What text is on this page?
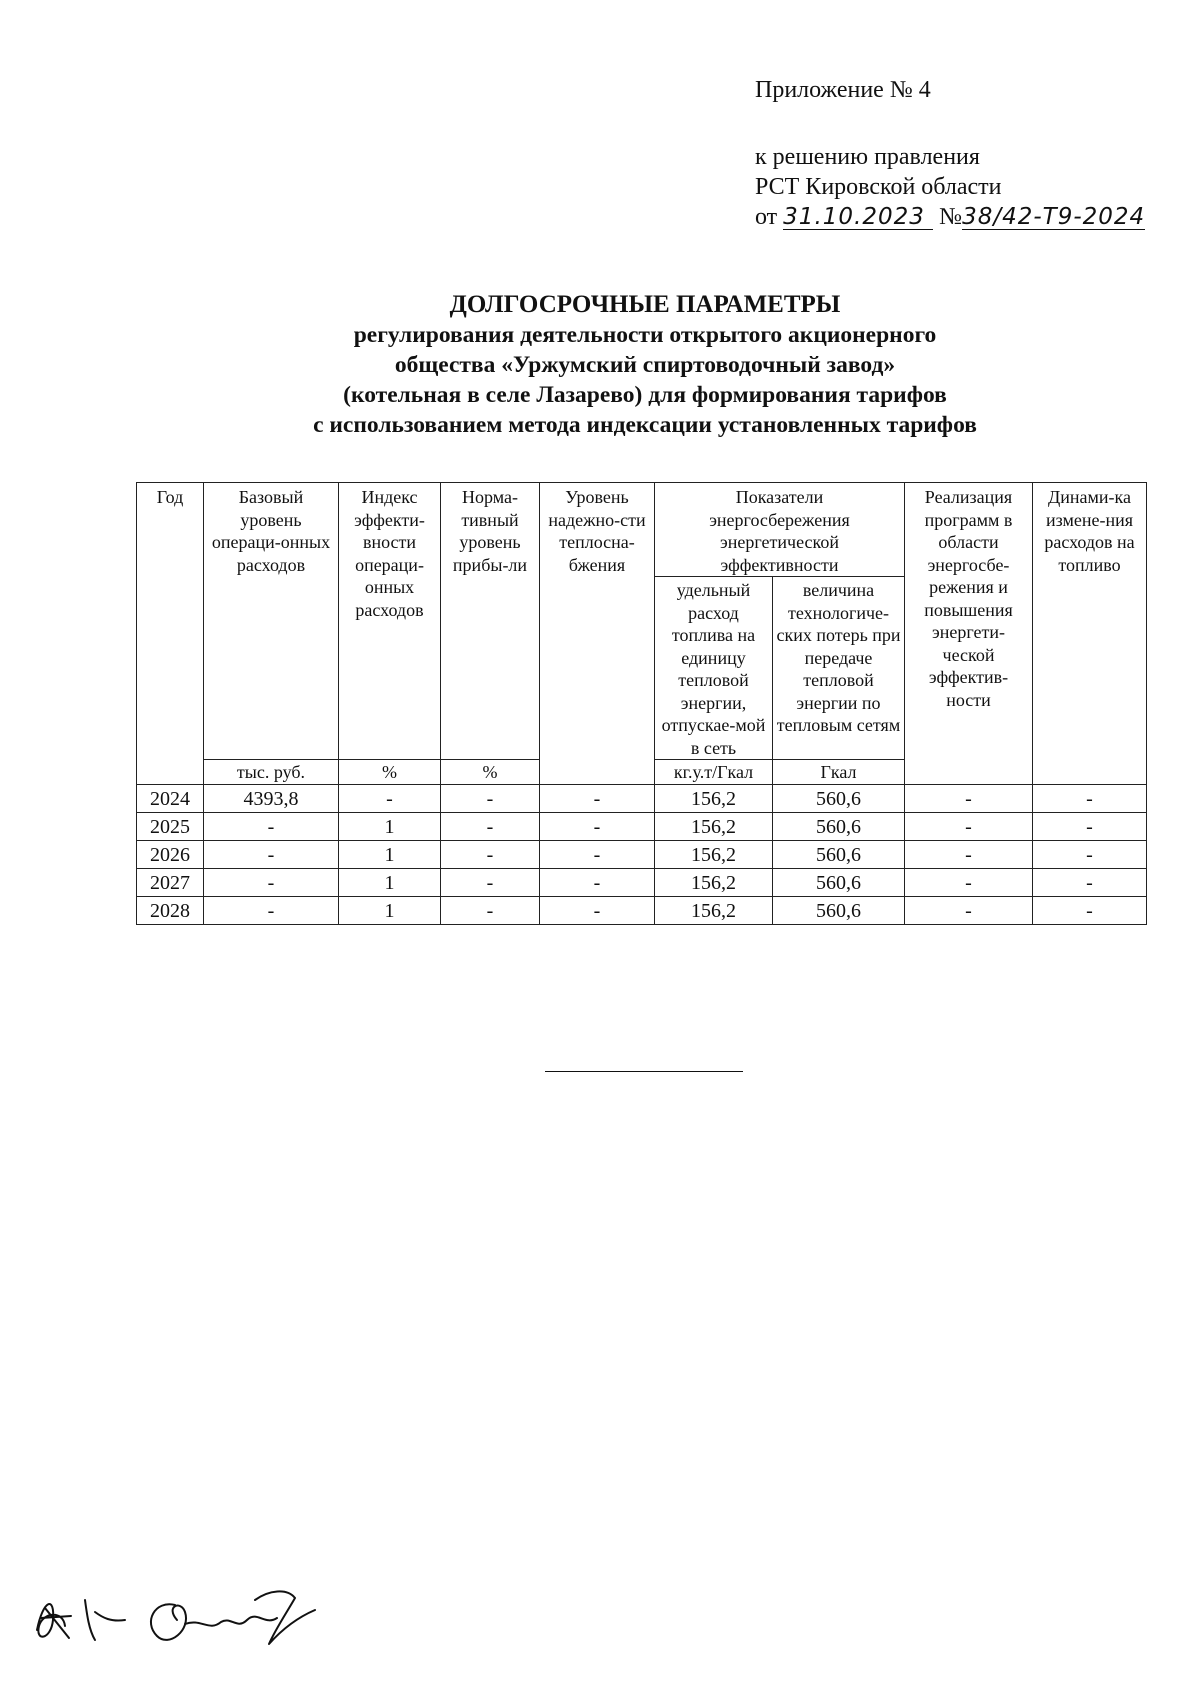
Приложение № 4
к решению правления
РСТ Кировской области
от 31.10.2023 №38/42-Т9-2024
ДОЛГОСРОЧНЫЕ ПАРАМЕТРЫ
регулирования деятельности открытого акционерного
общества «Уржумский спиртоводочный завод»
(котельная в селе Лазарево) для формирования тарифов
с использованием метода индексации установленных тарифов
Год	Базовый уровень операци-онных расходов	Индекс эффекти-вности операци-онных расходов	Норма-тивный уровень прибы-ли	Уровень надежно-сти теплосна-бжения	Показатели энергосбережения энергетической эффективности		Реализация программ в области энергосбе-режения и повышения энергети-ческой эффектив-ности	Динами-ка измене-ния расходов на топливо
					удельный расход топлива на единицу тепловой энергии, отпускае-мой в сеть	величина технологиче-ских потерь при передаче тепловой энергии по тепловым сетям		
	тыс. руб.	%	%		кг.у.т/Гкал	Гкал		
2024	4393,8	-	-	-	156,2	560,6	-	-
2025	-	1	-	-	156,2	560,6	-	-
2026	-	1	-	-	156,2	560,6	-	-
2027	-	1	-	-	156,2	560,6	-	-
2028	-	1	-	-	156,2	560,6	-	-
